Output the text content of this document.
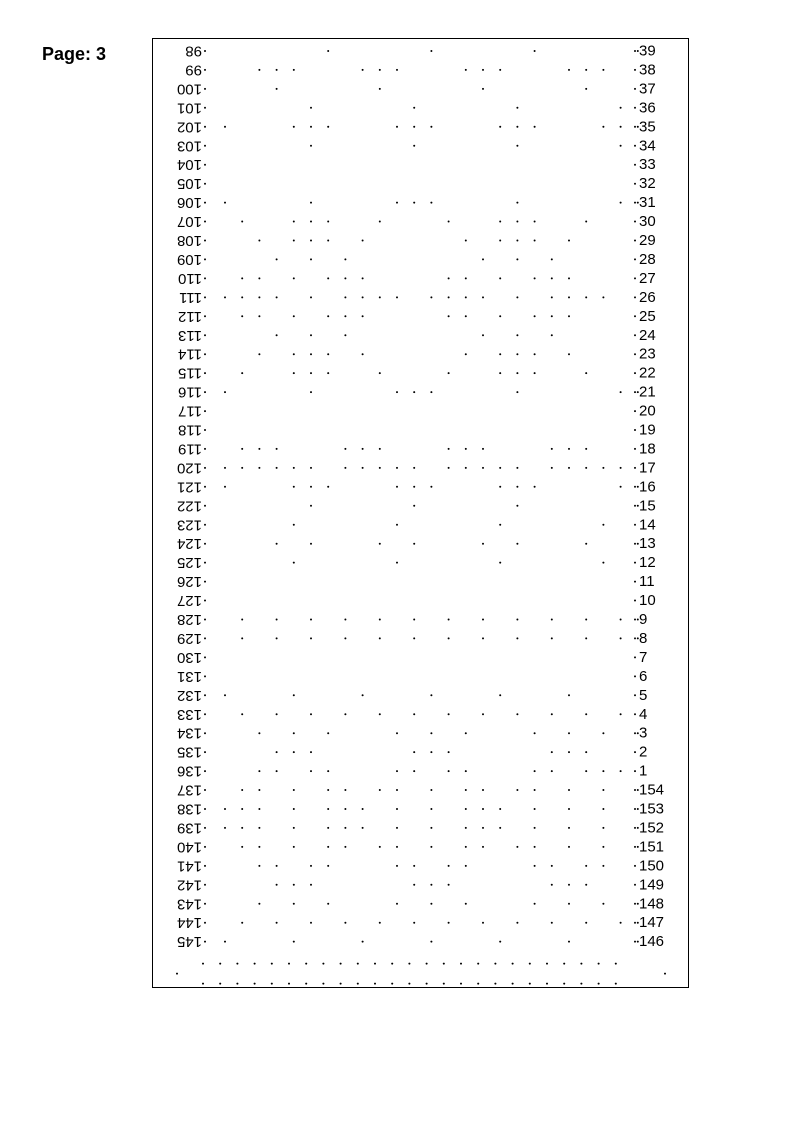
Page: 3	98	39
99	38
100	37
101	36
102	35
103	34
104	33
105	32
106	31
107	30
108	29
109	28
110	27
111	26
112	25
113	24
114	23
115	22
116	21
117	20
118	19
119	18
120	17
121	16
122	15
123	14
124	13
125	12
126	11
127	10
128	9
129	8
130	7
131	6
132	5
133	4
134	3
135	2
136	1
137	154
138	153
139	152
140	151
141	150
142	149
143	148
144	147
145	146
